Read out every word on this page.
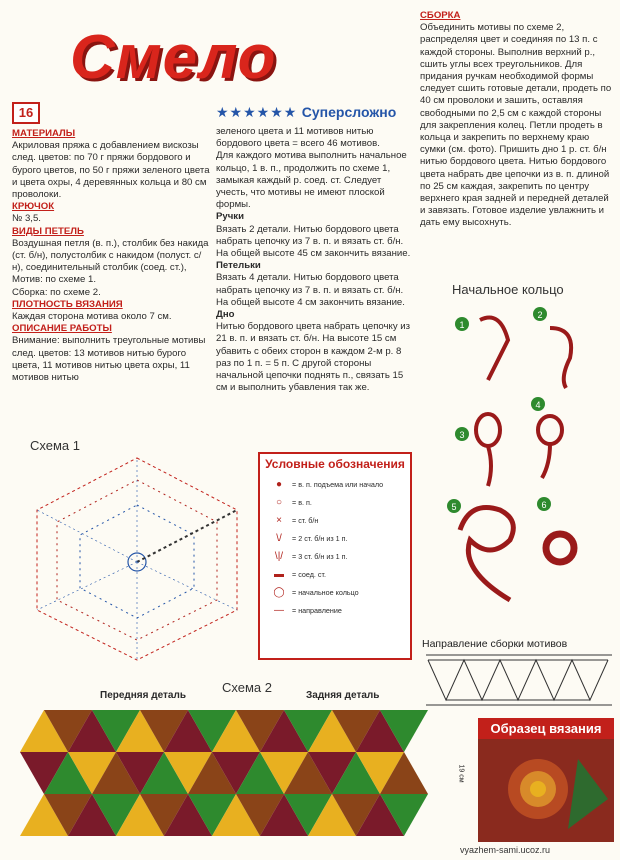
Смело
16	★★★★★★ Суперсложно

МАТЕРИАЛЫ

Акриловая пряжа с добавлением вискозы след. цветов: по 70 г пряжи бордового и бурого цветов, по 50 г пряжи зеленого цвета и цвета охры, 4 деревянных кольца и 80 см проволоки.

КРЮЧОК

№ 3,5.

ВИДЫ ПЕТЕЛЬ

Воздушная петля (в. п.), столбик без накида (ст. б/н), полустолбик с накидом (полуст. с/н), соединительный столбик (соед. ст.), Мотив: по схеме 1.

Сборка: по схеме 2.

ПЛОТНОСТЬ ВЯЗАНИЯ

Каждая сторона мотива около 7 см.

ОПИСАНИЕ РАБОТЫ

Внимание: выполнить треугольные мотивы след. цветов: 13 мотивов нитью бурого цвета, 11 мотивов нитью цвета охры, 11 мотивов нитью

зеленого цвета и 11 мотивов нитью бордового цвета = всего 46 мотивов.

Для каждого мотива выполнить начальное кольцо, 1 в. п., продолжить по схеме 1, замыкая каждый р. соед. ст. Следует учесть, что мотивы не имеют плоской формы.

Ручки

Вязать 2 детали. Нитью бордового цвета набрать цепочку из 7 в. п. и вязать ст. б/н. На общей высоте 45 см закончить вязание.

Петельки

Вязать 4 детали. Нитью бордового цвета набрать цепочку из 7 в. п. и вязать ст. б/н. На общей высоте 4 см закончить вязание.

Дно

Нитью бордового цвета набрать цепочку из 21 в. п. и вязать ст. б/н. На высоте 15 см убавить с обеих сторон в каждом 2-м р. 8 раз по 1 п. = 5 п. С другой стороны начальной цепочки поднять п., связать 15 см и выполнить убавления так же.

СБОРКА

Объединить мотивы по схеме 2, распределяя цвет и соединяя по 13 п. с каждой стороны. Выполнив верхний р., сшить углы всех треугольников. Для придания ручкам необходимой формы следует сшить готовые детали, продеть по 40 см проволоки и зашить, оставляя свободными по 2,5 см с каждой стороны для закрепления колец. Петли продеть в кольца и закрепить по верхнему краю сумки (см. фото). Пришить дно 1 р. ст. б/н нитью бордового цвета. Нитью бордового цвета набрать две цепочки из в. п. длиной по 25 см каждая, закрепить по центру верхнего края задней и передней деталей и завязать. Готовое изделие увлажнить и дать ему высохнуть.

Схема 1
Условные обозначения
●	= в. п. подъема или начало
○	= в. п.
×	= ст. б/н
\/	= 2 ст. б/н из 1 п.
\|/	= 3 ст. б/н из 1 п.
▬	= соед. ст.
◯	= начальное кольцо
—	= направление
Начальное кольцо
1
2
3
4
5	6
Направление сборки мотивов
Схема 2
Передняя деталь	Задняя деталь
19 см
Образец вязания
vyazhem-sami.ucoz.ru
